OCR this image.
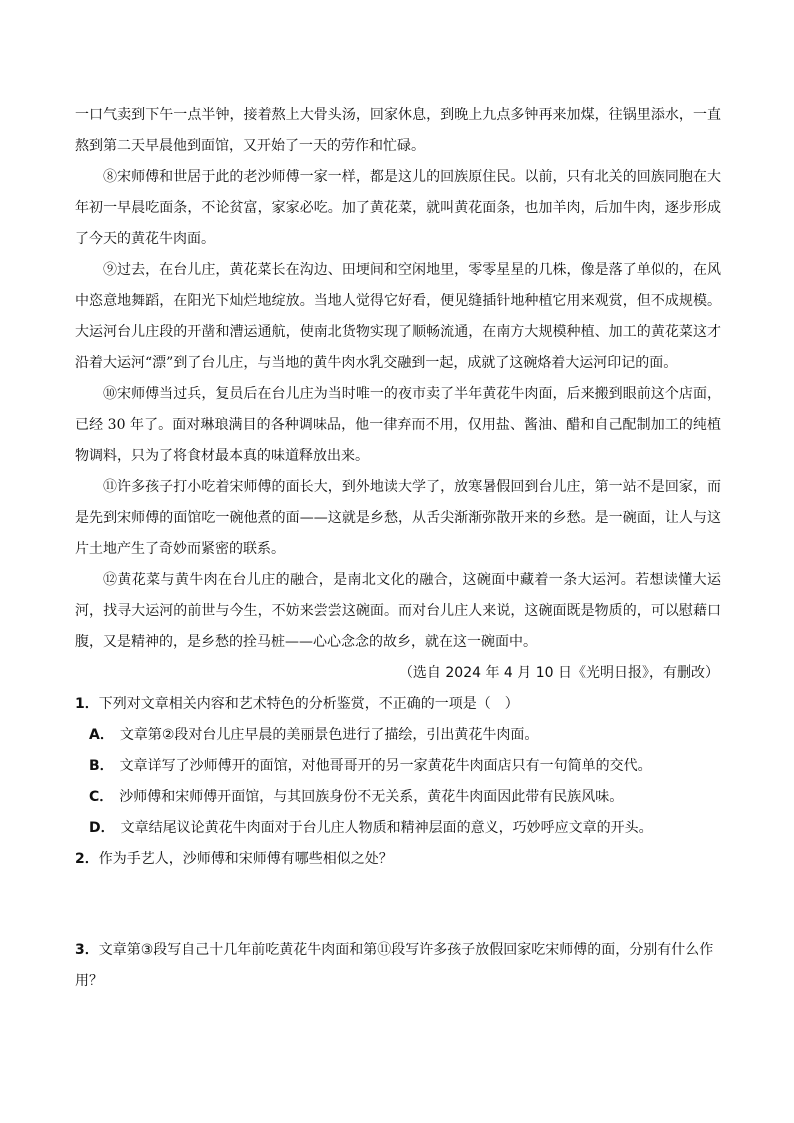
一口气卖到下午一点半钟，接着熬上大骨头汤，回家休息，到晚上九点多钟再来加煤，往锅里添水，一直熬到第二天早晨他到面馆，又开始了一天的劳作和忙碌。

⑧宋师傅和世居于此的老沙师傅一家一样，都是这儿的回族原住民。以前，只有北关的回族同胞在大年初一早晨吃面条，不论贫富，家家必吃。加了黄花菜，就叫黄花面条，也加羊肉，后加牛肉，逐步形成了今天的黄花牛肉面。

⑨过去，在台儿庄，黄花菜长在沟边、田埂间和空闲地里，零零星星的几株，像是落了单似的，在风中恣意地舞蹈，在阳光下灿烂地绽放。当地人觉得它好看，便见缝插针地种植它用来观赏，但不成规模。大运河台儿庄段的开凿和漕运通航，使南北货物实现了顺畅流通，在南方大规模种植、加工的黄花菜这才沿着大运河“漂”到了台儿庄，与当地的黄牛肉水乳交融到一起，成就了这碗烙着大运河印记的面。

⑩宋师傅当过兵，复员后在台儿庄为当时唯一的夜市卖了半年黄花牛肉面，后来搬到眼前这个店面，已经 30 年了。面对琳琅满目的各种调味品，他一律弃而不用，仅用盐、酱油、醋和自己配制加工的纯植物调料，只为了将食材最本真的味道释放出来。

⑪许多孩子打小吃着宋师傅的面长大，到外地读大学了，放寒暑假回到台儿庄，第一站不是回家，而是先到宋师傅的面馆吃一碗他煮的面——这就是乡愁，从舌尖渐渐弥散开来的乡愁。是一碗面，让人与这片土地产生了奇妙而紧密的联系。

⑫黄花菜与黄牛肉在台儿庄的融合，是南北文化的融合，这碗面中藏着一条大运河。若想读懂大运河，找寻大运河的前世与今生，不妨来尝尝这碗面。而对台儿庄人来说，这碗面既是物质的，可以慰藉口腹，又是精神的，是乡愁的拴马桩——心心念念的故乡，就在这一碗面中。

（选自 2024 年 4 月 10 日《光明日报》，有删改）

1．下列对文章相关内容和艺术特色的分析鉴赏，不正确的一项是（　）

A． 文章第②段对台儿庄早晨的美丽景色进行了描绘，引出黄花牛肉面。

B． 文章详写了沙师傅开的面馆，对他哥哥开的另一家黄花牛肉面店只有一句简单的交代。

C． 沙师傅和宋师傅开面馆，与其回族身份不无关系，黄花牛肉面因此带有民族风味。

D． 文章结尾议论黄花牛肉面对于台儿庄人物质和精神层面的意义，巧妙呼应文章的开头。

2．作为手艺人，沙师傅和宋师傅有哪些相似之处？

3．文章第③段写自己十几年前吃黄花牛肉面和第⑪段写许多孩子放假回家吃宋师傅的面，分别有什么作用？
